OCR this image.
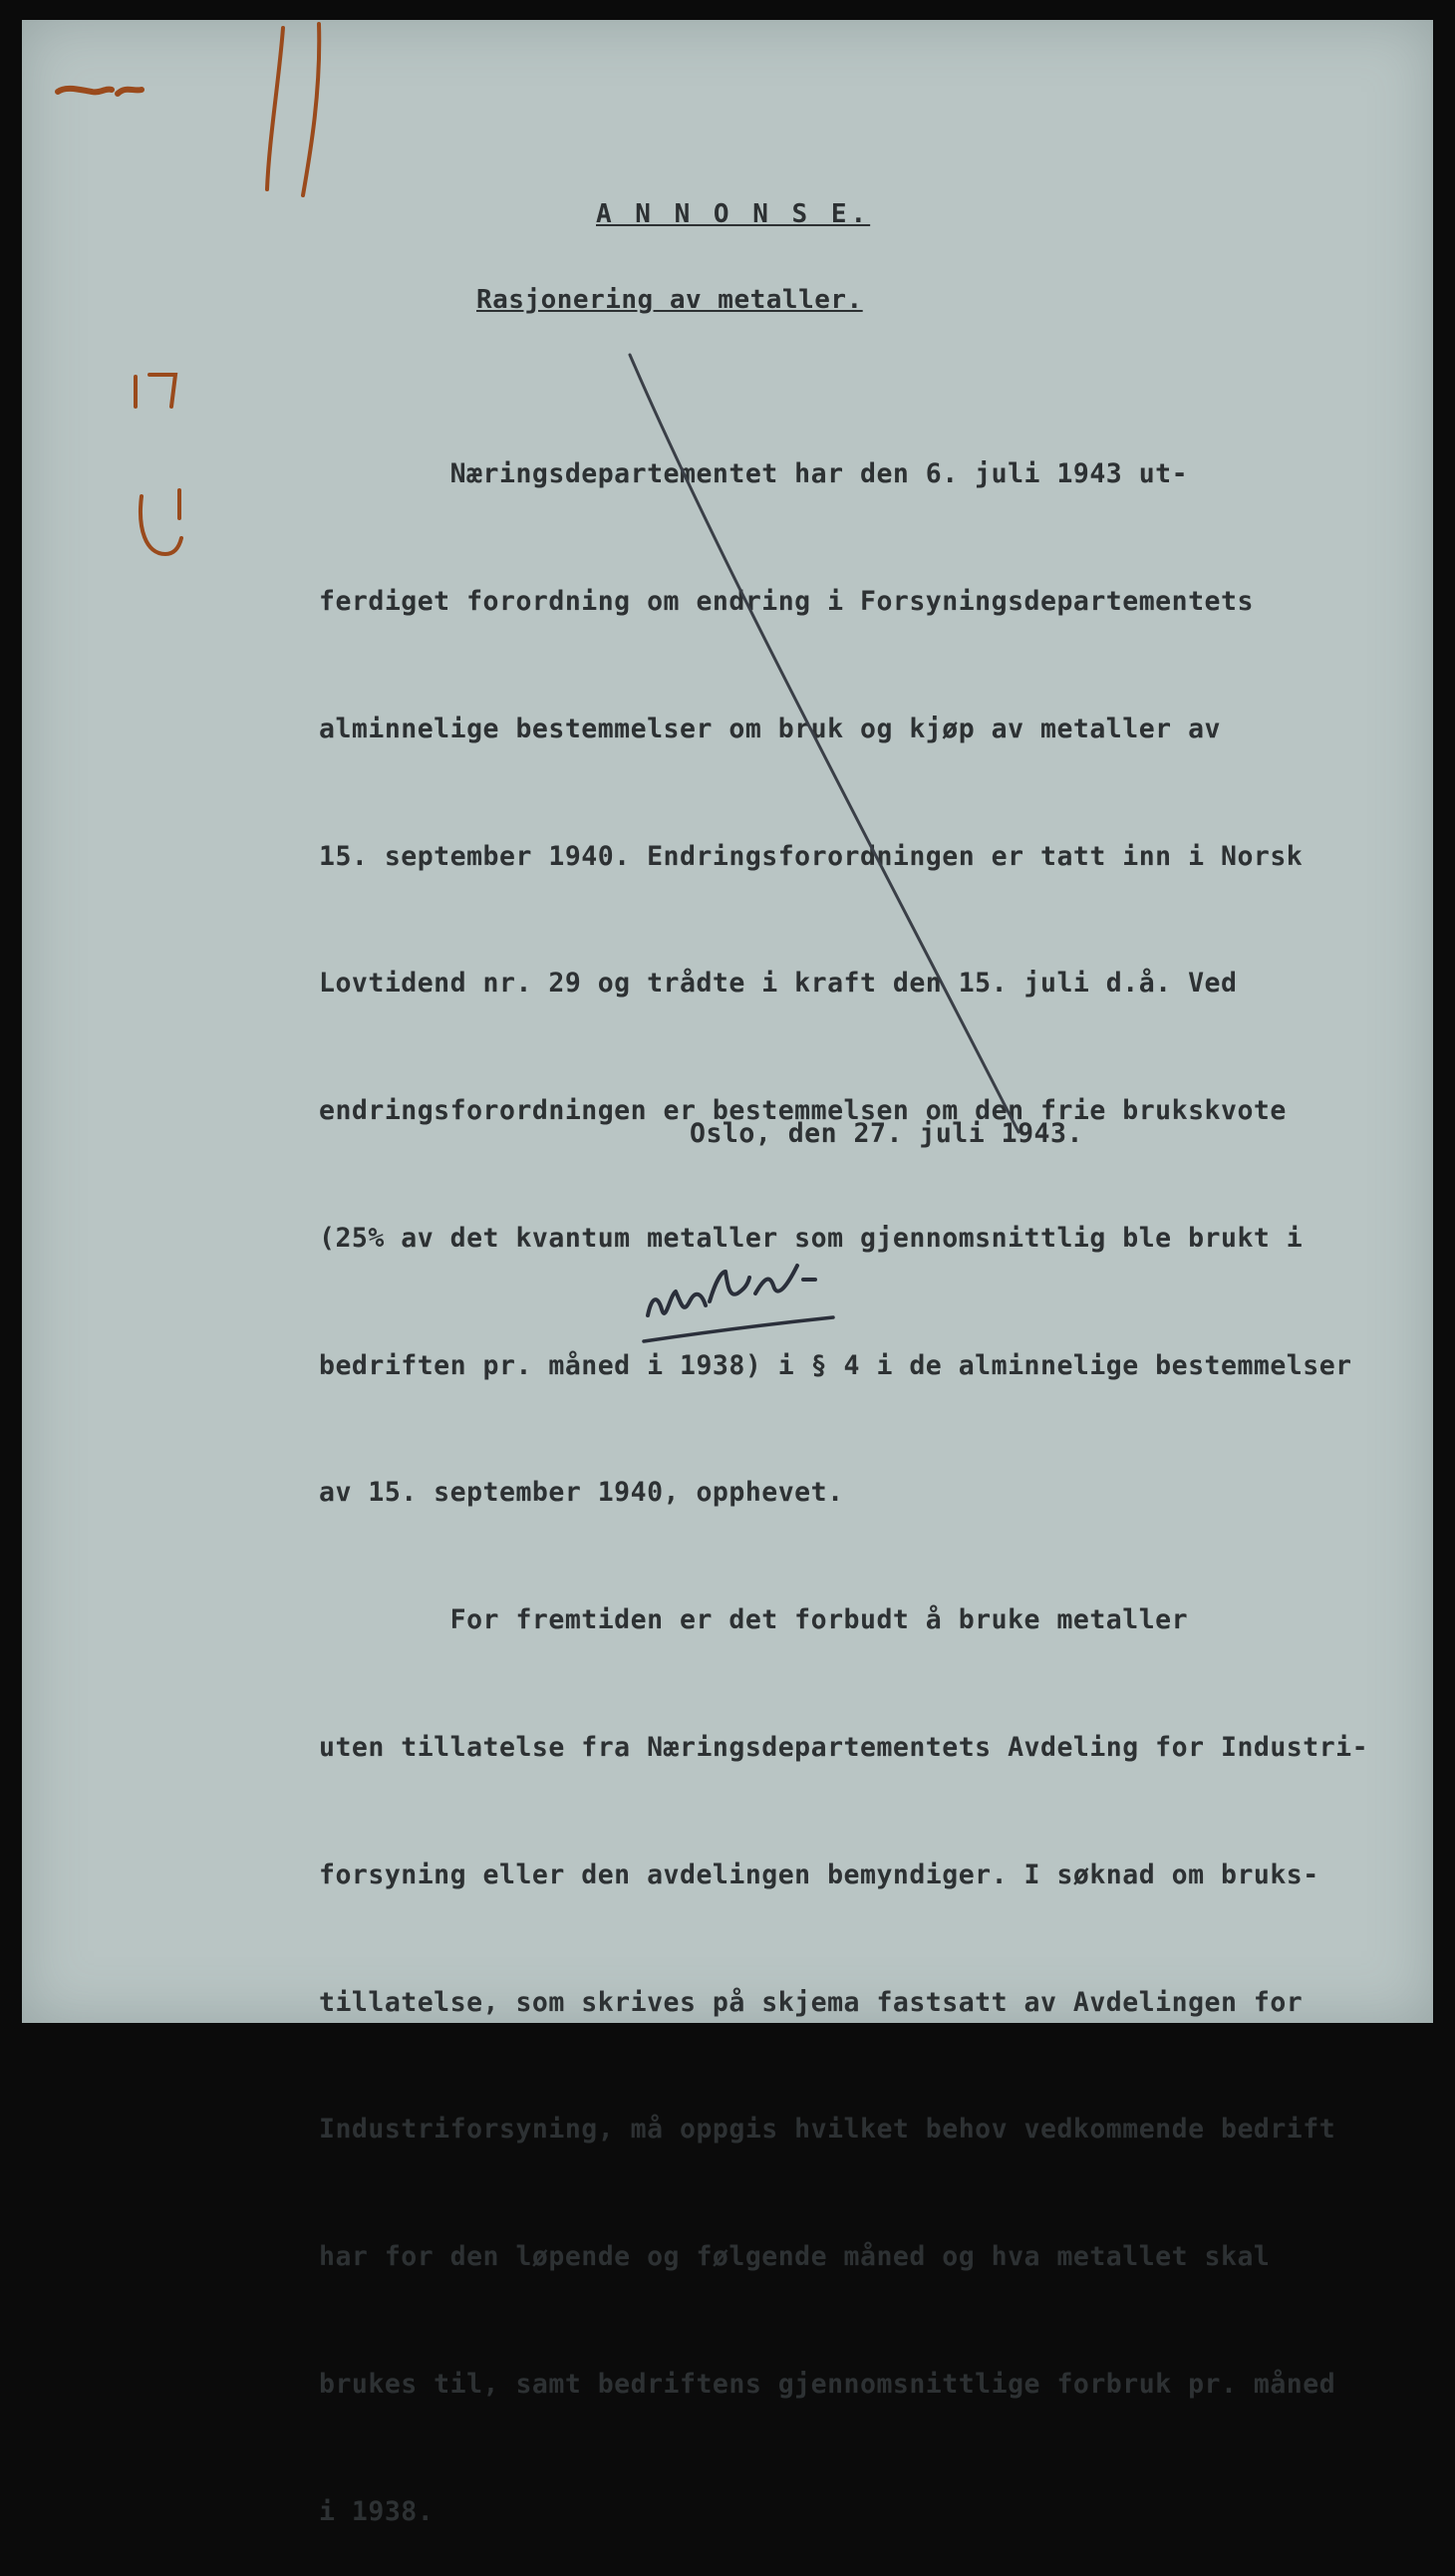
A N N O N S E.
Rasjonering av metaller.

Næringsdepartementet har den 6. juli 1943 ut-

ferdiget forordning om endring i Forsyningsdepartementets

alminnelige bestemmelser om bruk og kjøp av metaller av

15. september 1940. Endringsforordningen er tatt inn i Norsk

Lovtidend nr. 29 og trådte i kraft den 15. juli d.å. Ved

endringsforordningen er bestemmelsen om den frie brukskvote

(25% av det kvantum metaller som gjennomsnittlig ble brukt i

bedriften pr. måned i 1938) i § 4 i de alminnelige bestemmelser

av 15. september 1940, opphevet.

For fremtiden er det forbudt å bruke metaller

uten tillatelse fra Næringsdepartementets Avdeling for Industri-

forsyning eller den avdelingen bemyndiger. I søknad om bruks-

tillatelse, som skrives på skjema fastsatt av Avdelingen for

Industriforsyning, må oppgis hvilket behov vedkommende bedrift

har for den løpende og følgende måned og hva metallet skal

brukes til, samt bedriftens gjennomsnittlige forbruk pr. måned

i 1938.

Oslo, den 27. juli 1943.
